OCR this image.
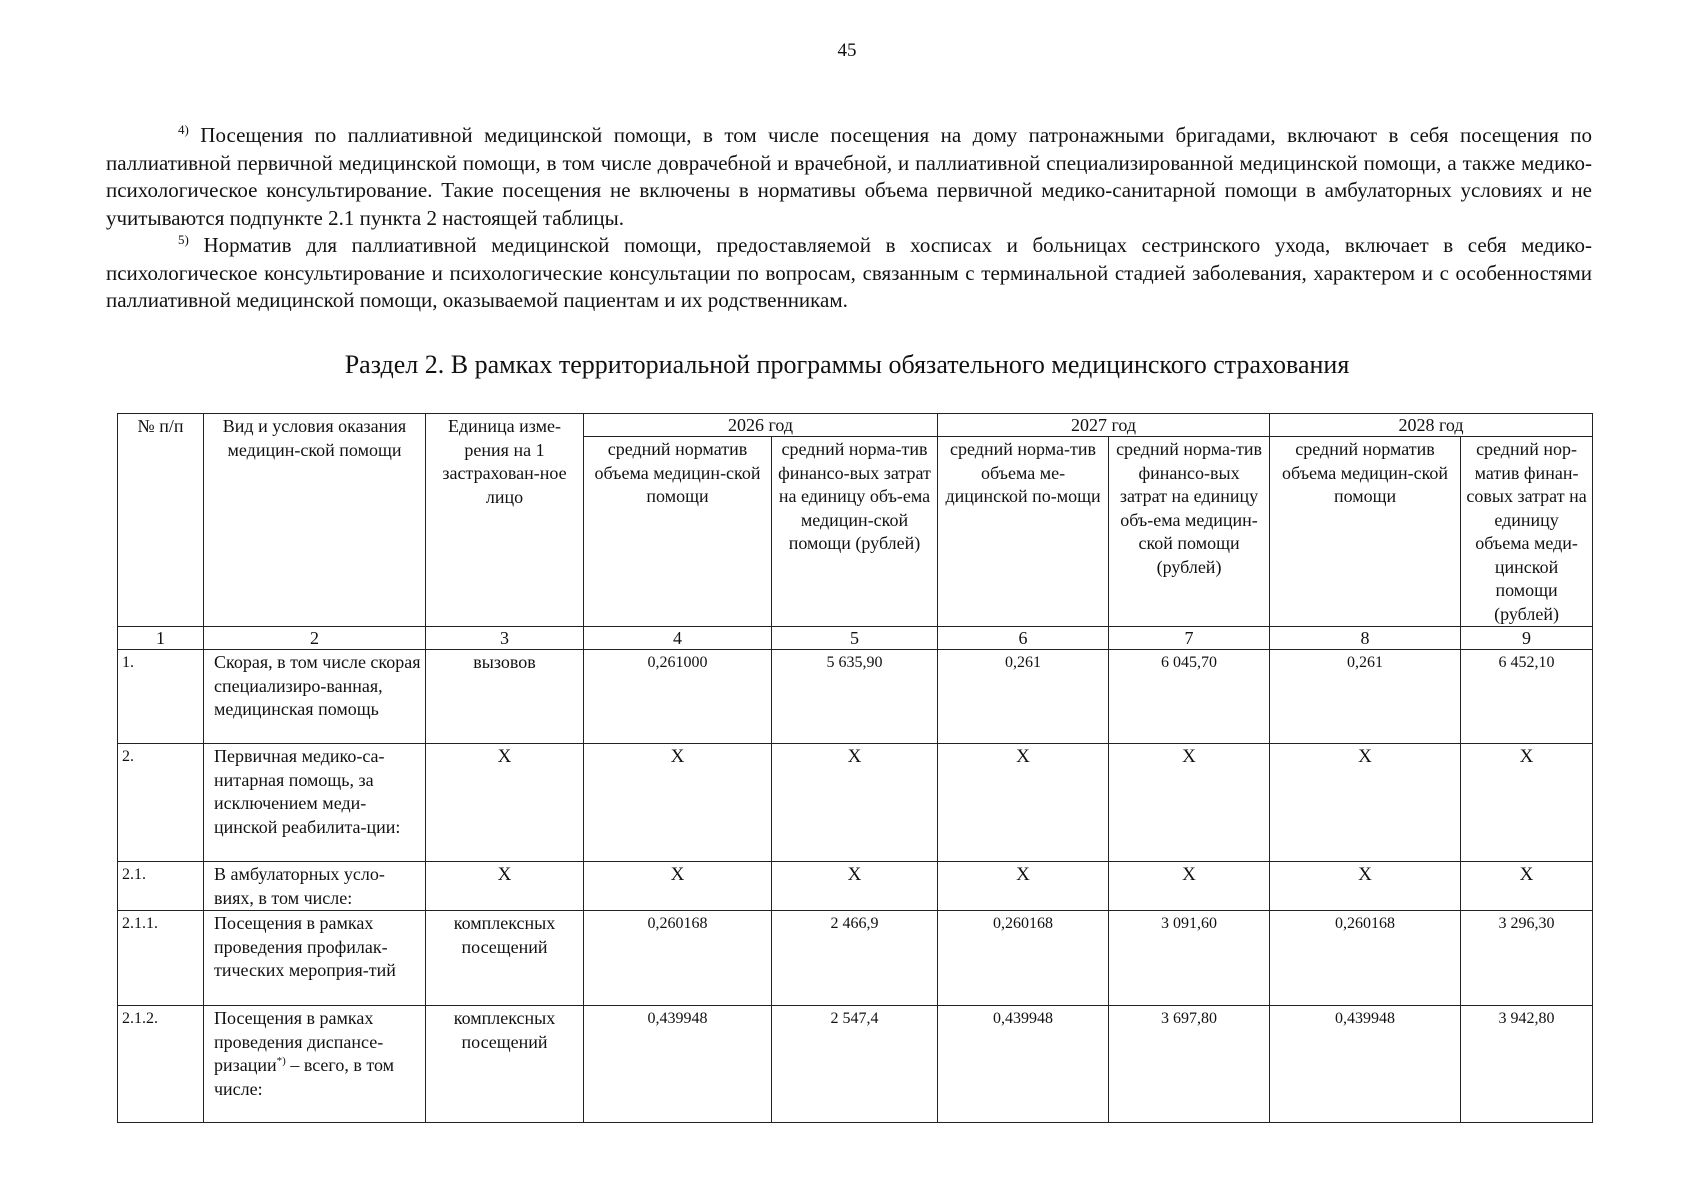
45

$^{4)}$ Посещения по паллиативной медицинской помощи, в том числе посещения на дому патронажными бригадами, включают в себя посещения по паллиативной первичной медицинской помощи, в том числе доврачебной и врачебной, и паллиативной специализированной медицинской помощи, а также медико-психологическое консультирование. Такие посещения не включены в нормативы объема первичной медико-санитарной помощи в амбулаторных условиях и не учитываются подпункте 2.1 пункта 2 настоящей таблицы.

$^{5)}$ Норматив для паллиативной медицинской помощи, предоставляемой в хосписах и больницах сестринского ухода, включает в себя медико-психологическое консультирование и психологические консультации по вопросам, связанным с терминальной стадией заболевания, характером и с особенностями паллиативной медицинской помощи, оказываемой пациентам и их родственникам.

Раздел 2. В рамках территориальной программы обязательного медицинского страхования
№ п/п	Вид и условия оказания медицин-ской помощи	Единица изме-рения на 1 застрахован-ное лицо	2026 год		2027 год		2028 год	
			средний норматив объема медицин-ской помощи	средний норма-тив финансо-вых затрат на единицу объ-ема медицин-ской помощи (рублей)	средний норма-тив объема ме-дицинской по-мощи	средний норма-тив финансо-вых затрат на единицу объ-ема медицин-ской помощи (рублей)	средний норматив объема медицин-ской помощи	средний нор-матив финан-совых затрат на единицу объема меди-цинской помощи (рублей)
1	2	3	4	5	6	7	8	9
1.	Скорая, в том числе скорая специализиро-ванная, медицинская помощь	вызовов	0,261000	5 635,90	0,261	6 045,70	0,261	6 452,10
2.	Первичная медико-са-нитарная помощь, за исключением меди-цинской реабилита-ции:	X	X	X	X	X	X	X
2.1.	В амбулаторных усло-виях, в том числе:	X	X	X	X	X	X	X
2.1.1.	Посещения в рамках проведения профилак-тических мероприя-тий	комплексных посещений	0,260168	2 466,9	0,260168	3 091,60	0,260168	3 296,30
2.1.2.	Посещения в рамках проведения диспансе-ризации*) – всего, в том числе:	комплексных посещений	0,439948	2 547,4	0,439948	3 697,80	0,439948	3 942,80
